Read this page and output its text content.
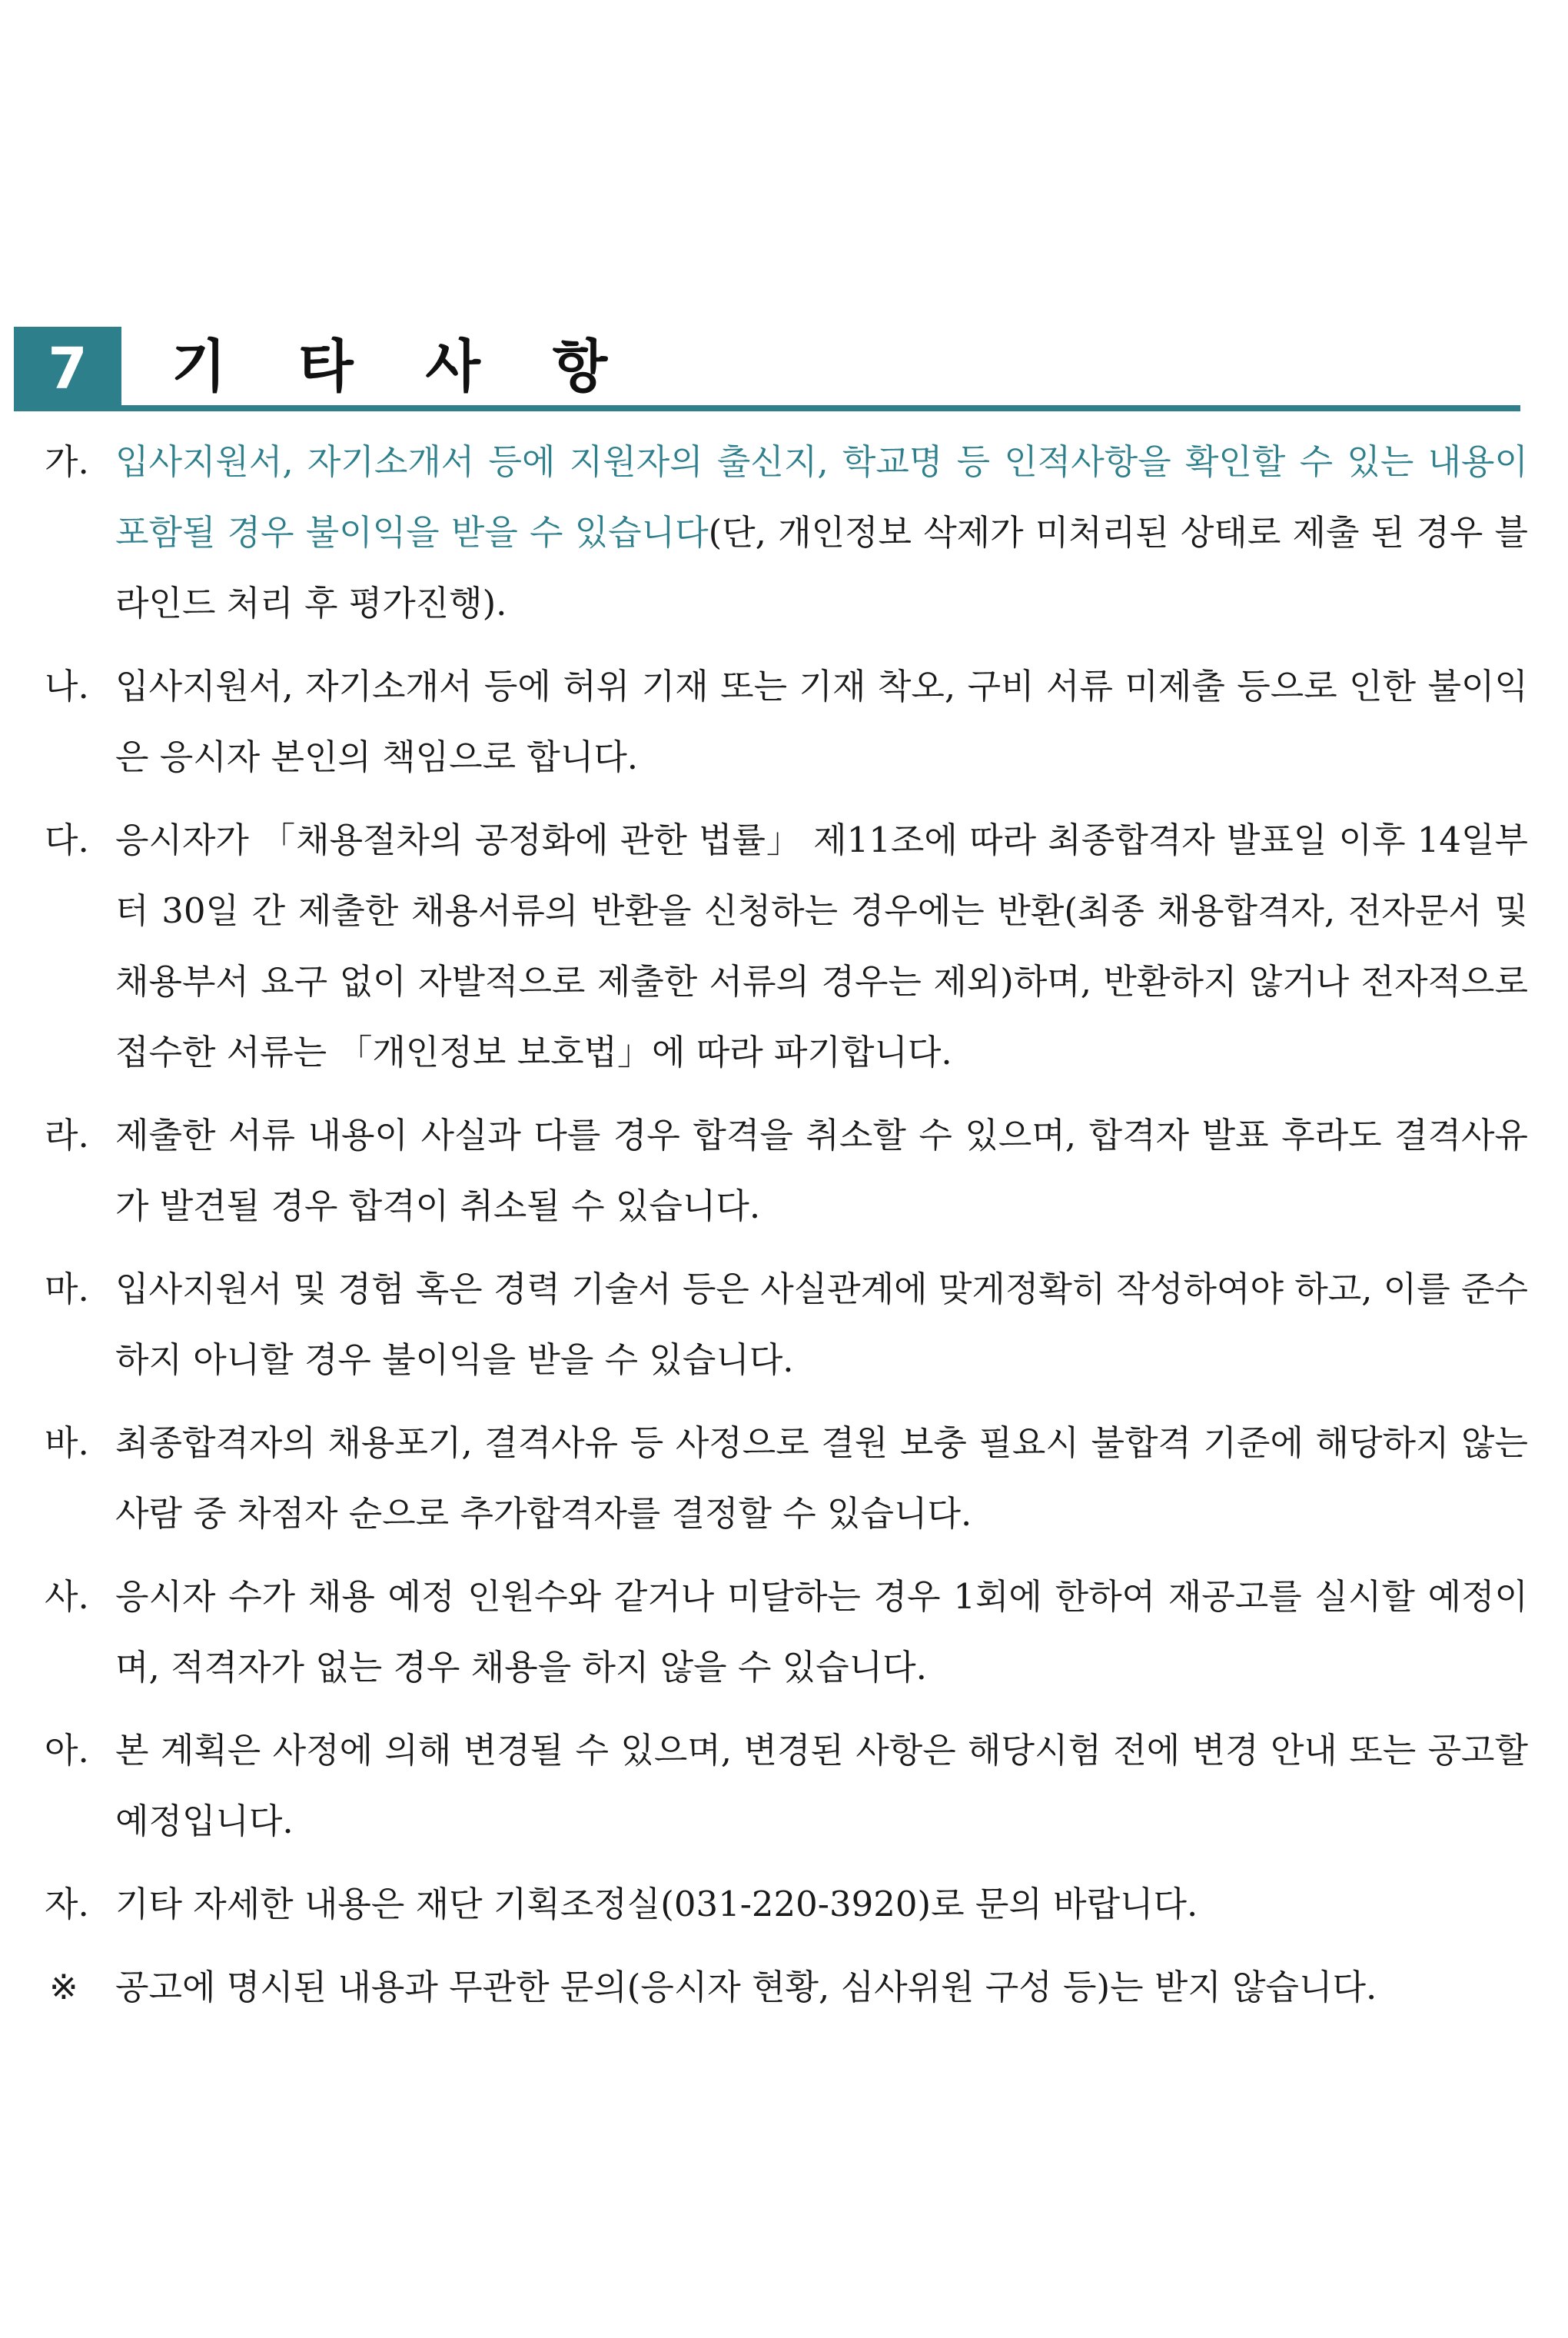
7	기 타 사 항
가. 입사지원서, 자기소개서 등에 지원자의 출신지, 학교명 등 인적사항을 확인할 수 있는 내용이 포함될 경우 불이익을 받을 수 있습니다(단, 개인정보 삭제가 미처리된 상태로 제출 된 경우 블라인드 처리 후 평가진행).
나. 입사지원서, 자기소개서 등에 허위 기재 또는 기재 착오, 구비 서류 미제출 등으로 인한 불이익은 응시자 본인의 책임으로 합니다.
다. 응시자가 「채용절차의 공정화에 관한 법률」 제11조에 따라 최종합격자 발표일 이후 14일부터 30일 간 제출한 채용서류의 반환을 신청하는 경우에는 반환(최종 채용합격자, 전자문서 및 채용부서 요구 없이 자발적으로 제출한 서류의 경우는 제외)하며, 반환하지 않거나 전자적으로 접수한 서류는 「개인정보 보호법」에 따라 파기합니다.
라. 제출한 서류 내용이 사실과 다를 경우 합격을 취소할 수 있으며, 합격자 발표 후라도 결격사유가 발견될 경우 합격이 취소될 수 있습니다.
마. 입사지원서 및 경험 혹은 경력 기술서 등은 사실관계에 맞게정확히 작성하여야 하고, 이를 준수하지 아니할 경우 불이익을 받을 수 있습니다.
바. 최종합격자의 채용포기, 결격사유 등 사정으로 결원 보충 필요시 불합격 기준에 해당하지 않는 사람 중 차점자 순으로 추가합격자를 결정할 수 있습니다.
사. 응시자 수가 채용 예정 인원수와 같거나 미달하는 경우 1회에 한하여 재공고를 실시할 예정이며, 적격자가 없는 경우 채용을 하지 않을 수 있습니다.
아. 본 계획은 사정에 의해 변경될 수 있으며, 변경된 사항은 해당시험 전에 변경 안내 또는 공고할 예정입니다.
자. 기타 자세한 내용은 재단 기획조정실(031-220-3920)로 문의 바랍니다.
※ 공고에 명시된 내용과 무관한 문의(응시자 현황, 심사위원 구성 등)는 받지 않습니다.
